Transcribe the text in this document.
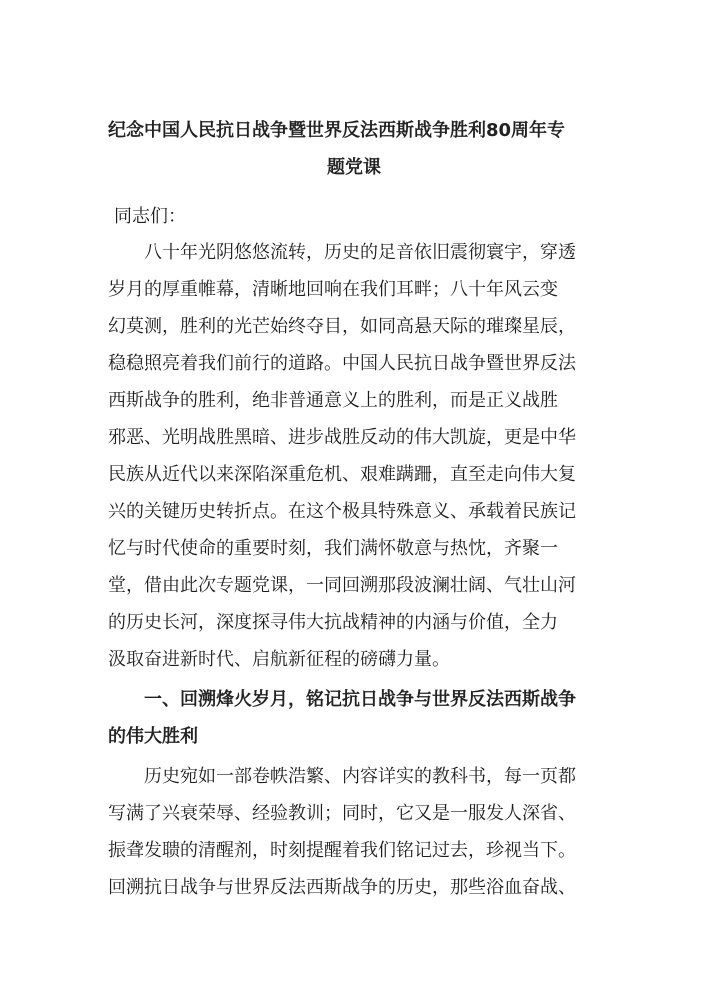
纪念中国人民抗日战争暨世界反法西斯战争胜利80周年专
题党课
同志们：
八十年光阴悠悠流转，历史的足音依旧震彻寰宇，穿透
岁月的厚重帷幕，清晰地回响在我们耳畔；八十年风云变
幻莫测，胜利的光芒始终夺目，如同高悬天际的璀璨星辰，
稳稳照亮着我们前行的道路。中国人民抗日战争暨世界反法
西斯战争的胜利，绝非普通意义上的胜利，而是正义战胜
邪恶、光明战胜黑暗、进步战胜反动的伟大凯旋，更是中华
民族从近代以来深陷深重危机、艰难蹒跚，直至走向伟大复
兴的关键历史转折点。在这个极具特殊意义、承载着民族记
忆与时代使命的重要时刻，我们满怀敬意与热忱，齐聚一
堂，借由此次专题党课，一同回溯那段波澜壮阔、气壮山河
的历史长河，深度探寻伟大抗战精神的内涵与价值，全力
汲取奋进新时代、启航新征程的磅礴力量。
一、回溯烽火岁月，铭记抗日战争与世界反法西斯战争
的伟大胜利
历史宛如一部卷帙浩繁、内容详实的教科书，每一页都
写满了兴衰荣辱、经验教训；同时，它又是一服发人深省、
振聋发聩的清醒剂，时刻提醒着我们铭记过去，珍视当下。
回溯抗日战争与世界反法西斯战争的历史，那些浴血奋战、
